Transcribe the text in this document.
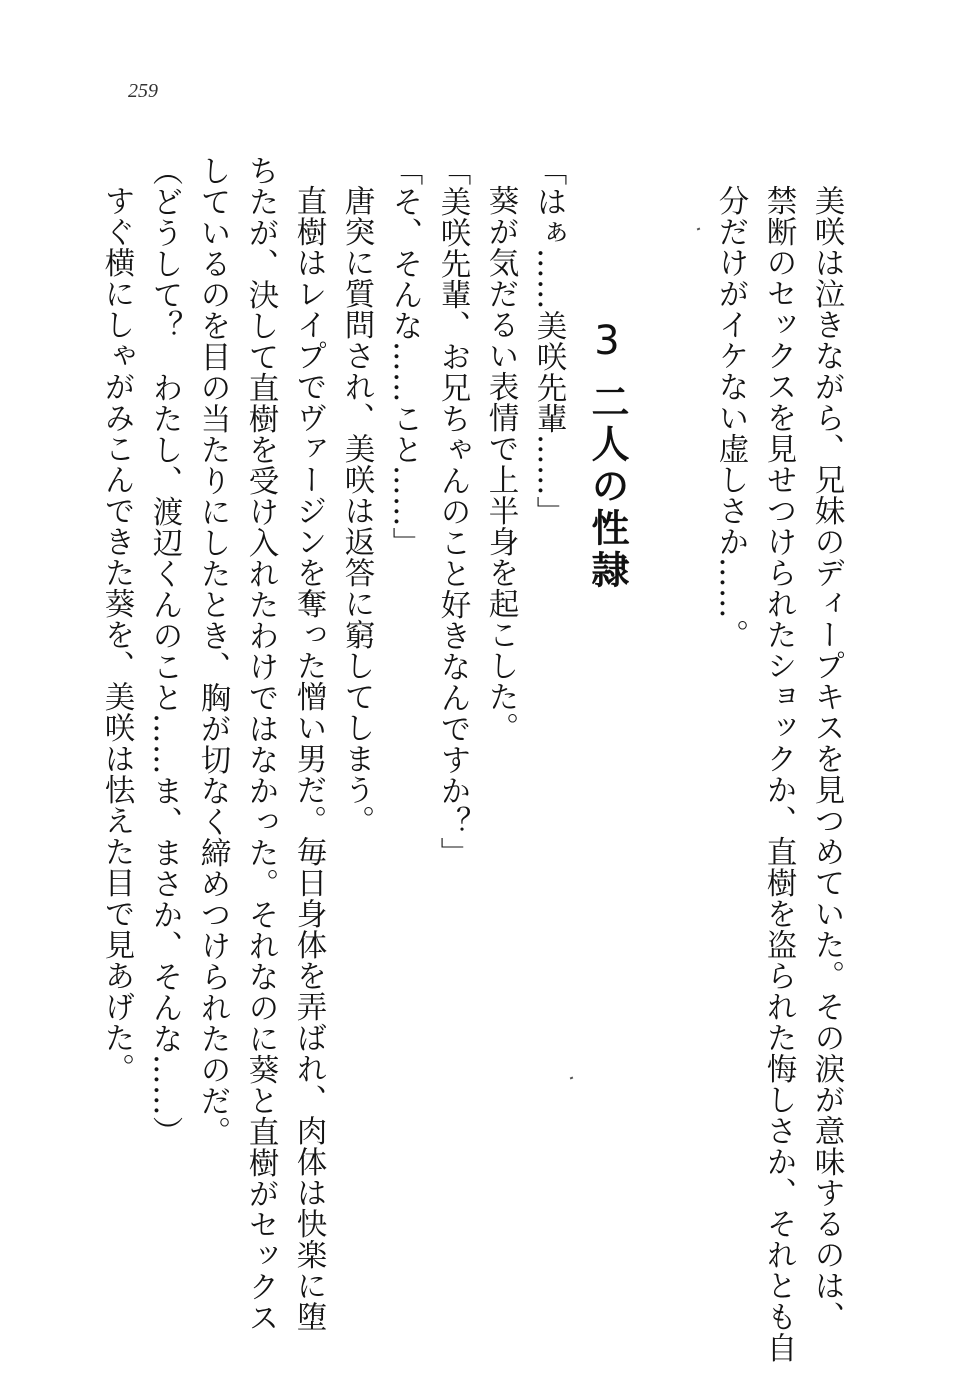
259
美咲は泣きながら、兄妹のディープキスを見つめていた。その涙が意味するのは、
禁断のセックスを見せつけられたショックか、直樹を盗られた悔しさか、それとも自
分だけがイケない虚しさか……。
3二人の性隷
「はぁ……美咲先輩……」
葵が気だるい表情で上半身を起こした。
「美咲先輩、お兄ちゃんのこと好きなんですか？」
「そ、そんな……こと……」
唐突に質問され、美咲は返答に窮してしまう。
直樹はレイプでヴァージンを奪った憎い男だ。毎日身体を弄ばれ、肉体は快楽に堕
ちたが、決して直樹を受け入れたわけではなかった。それなのに葵と直樹がセックス
しているのを目の当たりにしたとき、胸が切なく締めつけられたのだ。
（どうして？　わたし、渡辺くんのこと……ま、まさか、そんな……）
すぐ横にしゃがみこんできた葵を、美咲は怯えた目で見あげた。
